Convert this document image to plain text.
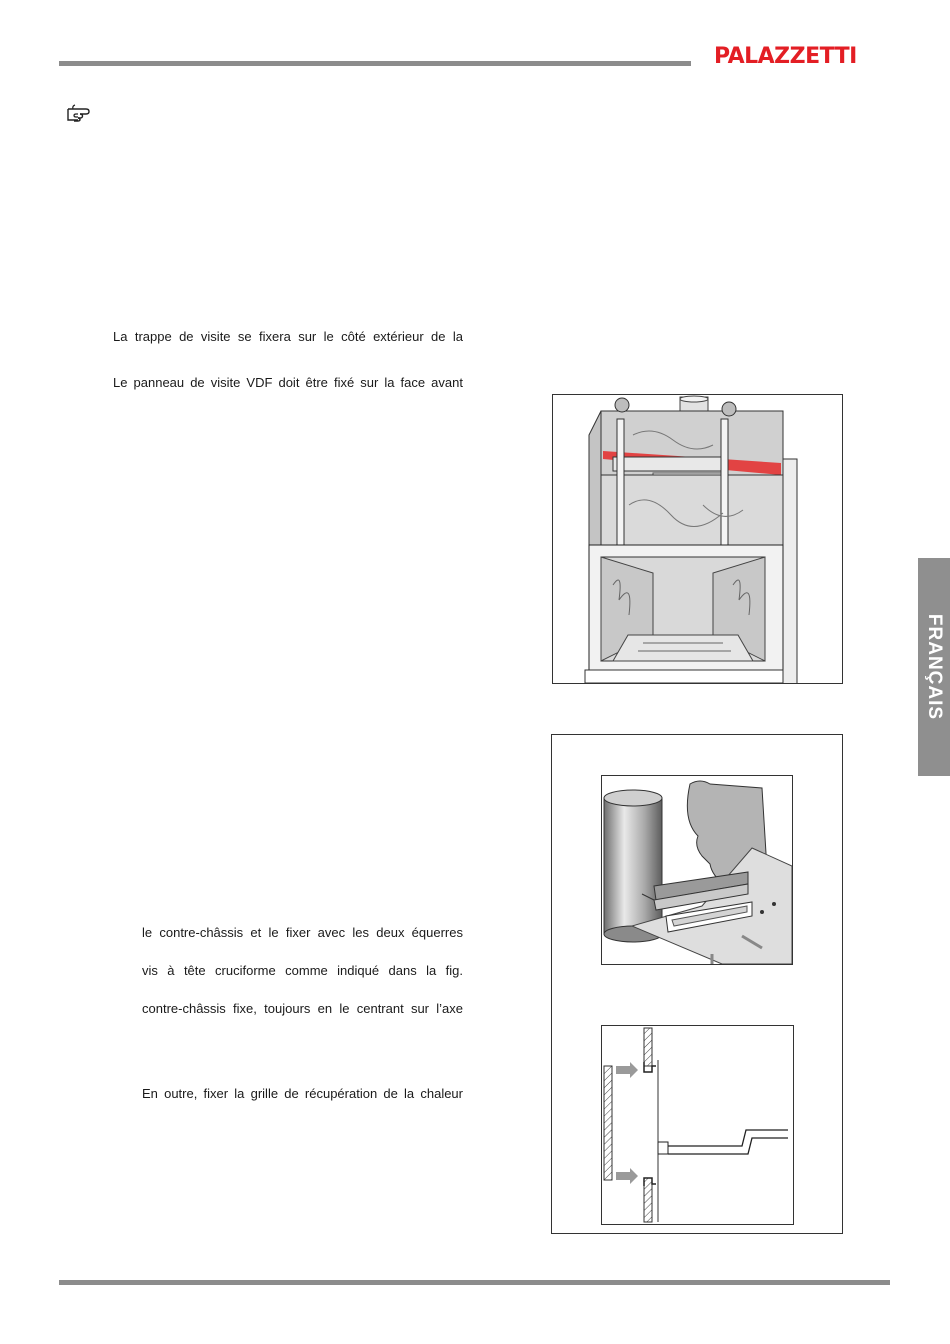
PALAZZETTI
La trappe de visite se fixera sur le côté extérieur de la
Le panneau de visite VDF doit être fixé sur la face avant
le contre-châssis et le fixer avec les deux équerres
vis à tête cruciforme comme indiqué dans la fig.
contre-châssis fixe, toujours en le centrant sur l’axe
En outre, fixer la grille de récupération de la chaleur
FRANÇAIS
